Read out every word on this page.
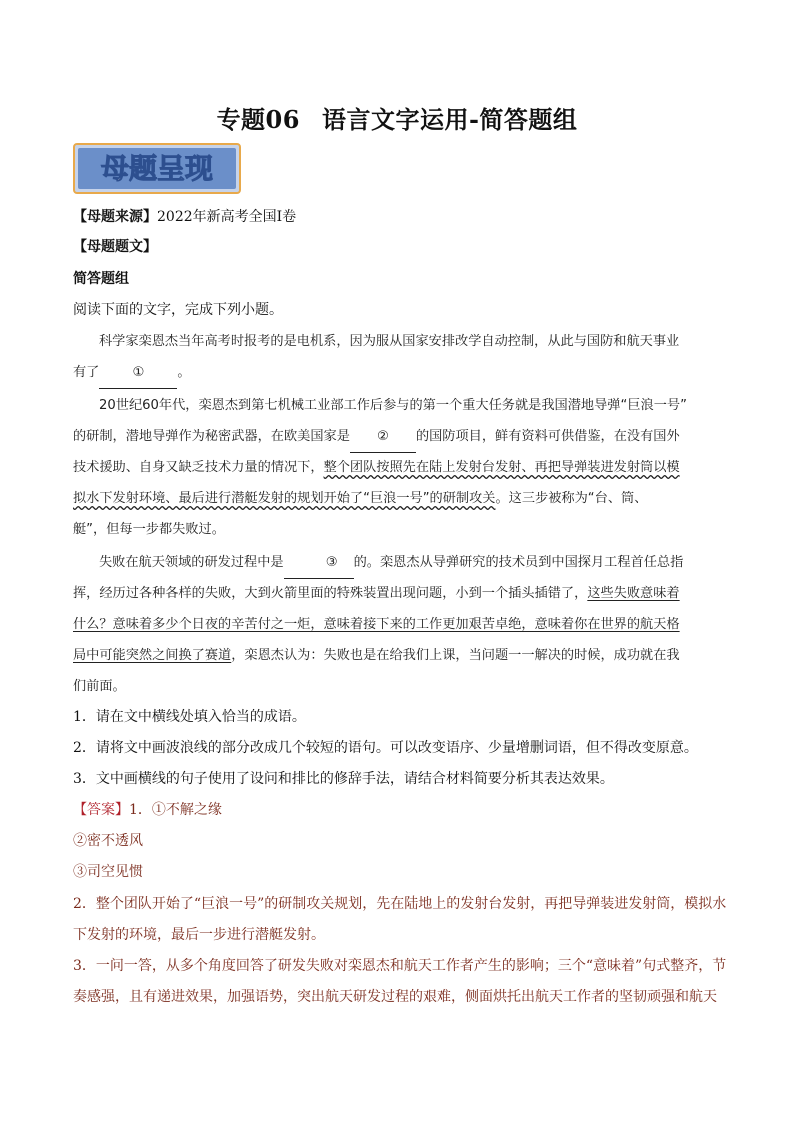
专题06 语言文字运用-简答题组
母题呈现
【母题来源】2022年新高考全国Ⅰ卷
【母题题文】
简答题组
阅读下面的文字，完成下列小题。
科学家栾恩杰当年高考时报考的是电机系，因为服从国家安排改学自动控制，从此与国防和航天事业
有了	①	。
20世纪60年代，栾恩杰到第七机械工业部工作后参与的第一个重大任务就是我国潜地导弹“巨浪一号”
的研制，潜地导弹作为秘密武器，在欧美国家是 ② 的国防项目，鲜有资料可供借鉴，在没有国外
技术援助、自身又缺乏技术力量的情况下，整个团队按照先在陆上发射台发射、再把导弹装进发射筒以模
拟水下发射环境、最后进行潜艇发射的规划开始了“巨浪一号”的研制攻关。这三步被称为“台、筒、
艇”，但每一步都失败过。
失败在航天领域的研发过程中是	③ 的。栾恩杰从导弹研究的技术员到中国探月工程首任总指
挥，经历过各种各样的失败，大到火箭里面的特殊装置出现问题，小到一个插头插错了，这些失败意味着
什么？意味着多少个日夜的辛苦付之一炬，意味着接下来的工作更加艰苦卓绝，意味着你在世界的航天格
局中可能突然之间换了赛道，栾恩杰认为：失败也是在给我们上课，当问题一一解决的时候，成功就在我
们前面。
1．请在文中横线处填入恰当的成语。
2．请将文中画波浪线的部分改成几个较短的语句。可以改变语序、少量增删词语，但不得改变原意。
3．文中画横线的句子使用了设问和排比的修辞手法，请结合材料简要分析其表达效果。
【答案】1．①不解之缘
②密不透风
③司空见惯
2．整个团队开始了“巨浪一号”的研制攻关规划，先在陆地上的发射台发射，再把导弹装进发射筒，模拟水
下发射的环境，最后一步进行潜艇发射。
3．一问一答，从多个角度回答了研发失败对栾恩杰和航天工作者产生的影响；三个“意味着”句式整齐，节
奏感强，且有递进效果，加强语势，突出航天研发过程的艰难，侧面烘托出航天工作者的坚韧顽强和航天
